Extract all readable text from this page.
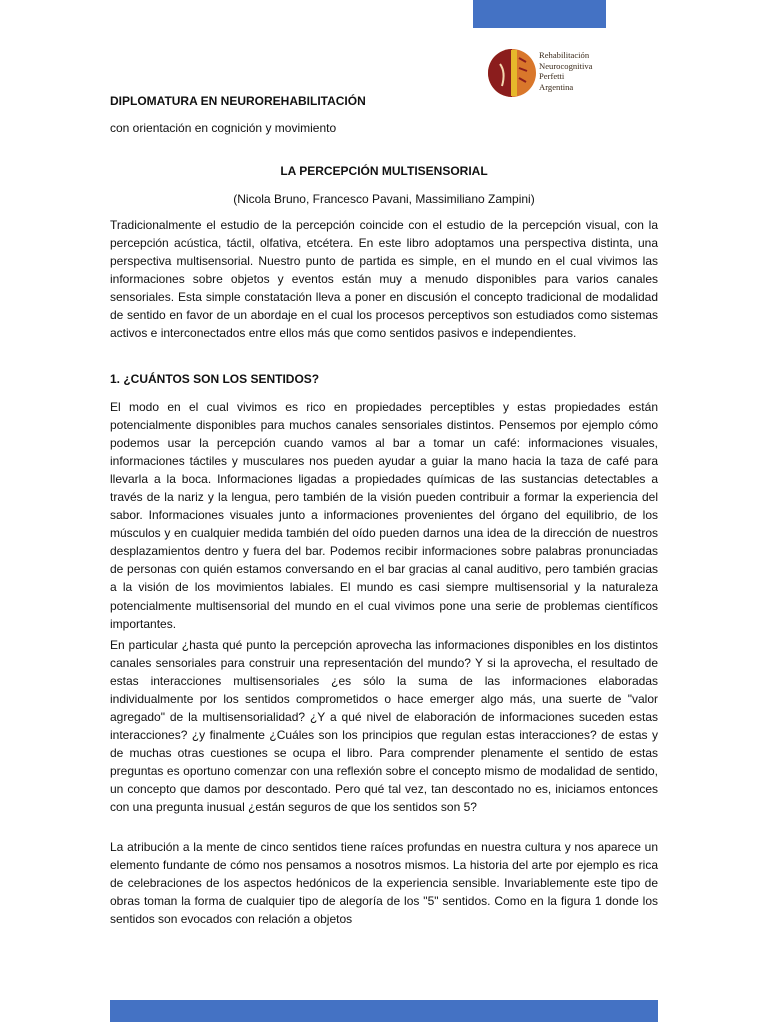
Rehabilitación
Neurocognitiva
Perfetti
Argentina
DIPLOMATURA EN NEUROREHABILITACIÓN
con orientación en cognición y movimiento
LA PERCEPCIÓN MULTISENSORIAL
(Nicola Bruno, Francesco Pavani, Massimiliano Zampini)

Tradicionalmente el estudio de la percepción coincide con el estudio de la percepción visual, con la percepción acústica, táctil, olfativa, etcétera. En este libro adoptamos una perspectiva distinta, una perspectiva multisensorial. Nuestro punto de partida es simple, en el mundo en el cual vivimos las informaciones sobre objetos y eventos están muy a menudo disponibles para varios canales sensoriales. Esta simple constatación lleva a poner en discusión el concepto tradicional de modalidad de sentido en favor de un abordaje en el cual los procesos perceptivos son estudiados como sistemas activos e interconectados entre ellos más que como sentidos pasivos e independientes.

1. ¿CUÁNTOS SON LOS SENTIDOS?

El modo en el cual vivimos es rico en propiedades perceptibles y estas propiedades están potencialmente disponibles para muchos canales sensoriales distintos. Pensemos por ejemplo cómo podemos usar la percepción cuando vamos al bar a tomar un café: informaciones visuales, informaciones táctiles y musculares nos pueden ayudar a guiar la mano hacia la taza de café para llevarla a la boca. Informaciones ligadas a propiedades químicas de las sustancias detectables a través de la nariz y la lengua, pero también de la visión pueden contribuir a formar la experiencia del sabor. Informaciones visuales junto a informaciones provenientes del órgano del equilibrio, de los músculos y en cualquier medida también del oído pueden darnos una idea de la dirección de nuestros desplazamientos dentro y fuera del bar. Podemos recibir informaciones sobre palabras pronunciadas de personas con quién estamos conversando en el bar gracias al canal auditivo, pero también gracias a la visión de los movimientos labiales. El mundo es casi siempre multisensorial y la naturaleza potencialmente multisensorial del mundo en el cual vivimos pone una serie de problemas científicos importantes.

En particular ¿hasta qué punto la percepción aprovecha las informaciones disponibles en los distintos canales sensoriales para construir una representación del mundo? Y si la aprovecha, el resultado de estas interacciones multisensoriales ¿es sólo la suma de las informaciones elaboradas individualmente por los sentidos comprometidos o hace emerger algo más, una suerte de "valor agregado" de la multisensorialidad? ¿Y a qué nivel de elaboración de informaciones suceden estas interacciones? ¿y finalmente ¿Cuáles son los principios que regulan estas interacciones? de estas y de muchas otras cuestiones se ocupa el libro. Para comprender plenamente el sentido de estas preguntas es oportuno comenzar con una reflexión sobre el concepto mismo de modalidad de sentido, un concepto que damos por descontado. Pero qué tal vez, tan descontado no es, iniciamos entonces con una pregunta inusual ¿están seguros de que los sentidos son 5?

La atribución a la mente de cinco sentidos tiene raíces profundas en nuestra cultura y nos aparece un elemento fundante de cómo nos pensamos a nosotros mismos. La historia del arte por ejemplo es rica de celebraciones de los aspectos hedónicos de la experiencia sensible. Invariablemente este tipo de obras toman la forma de cualquier tipo de alegoría de los "5" sentidos. Como en la figura 1 donde los sentidos son evocados con relación a objetos
